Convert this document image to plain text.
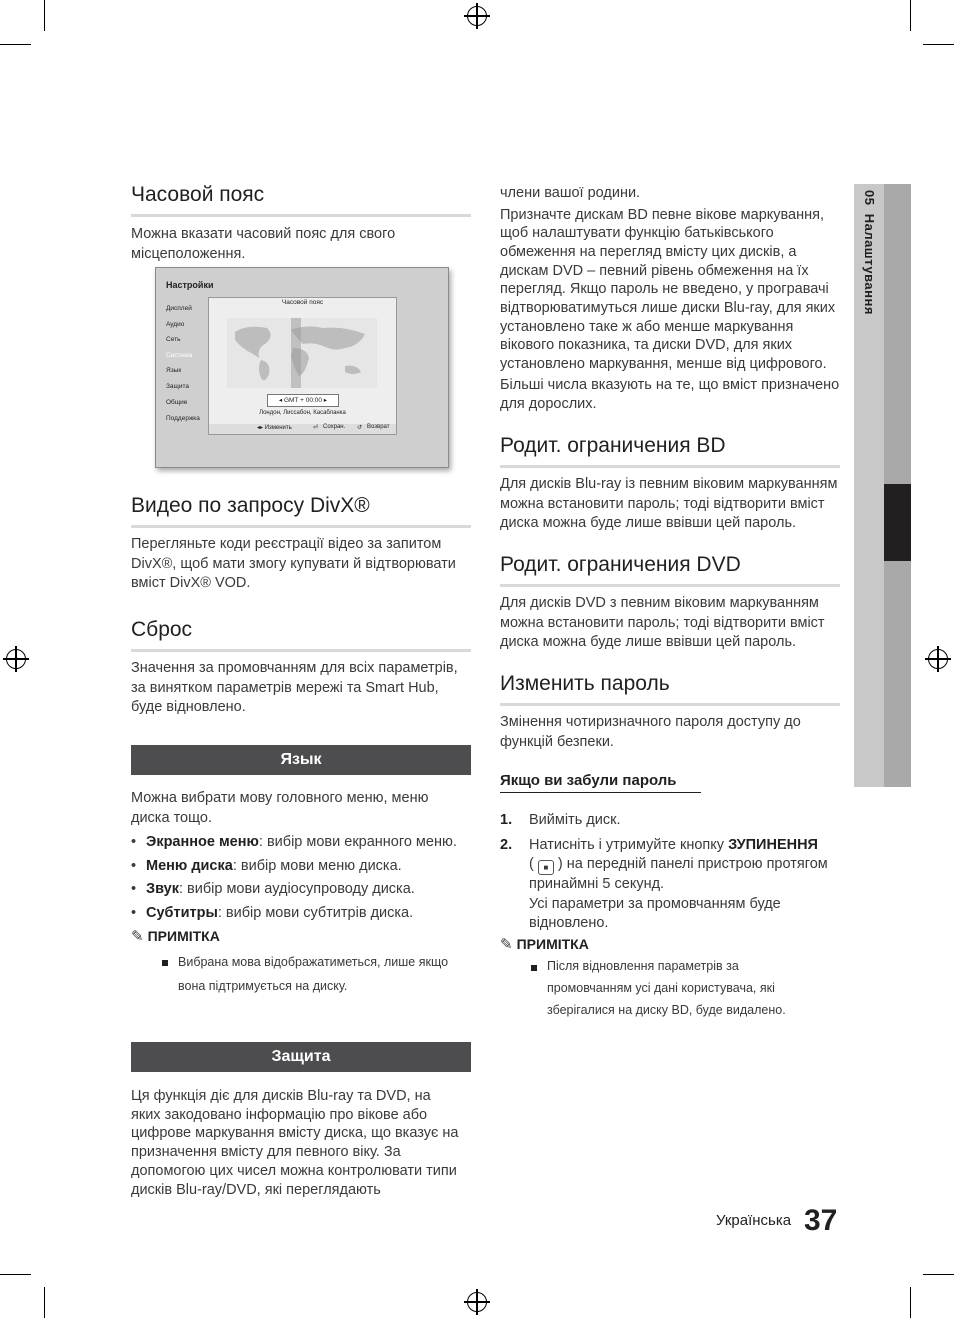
05  Налаштування
Часовой пояс

Можна вказати часовий пояс для свого місцеположення.

Настройки
Дисплей
Аудио
Сеть
Система
Язык
Защита
Общие
Поддержка
Часовой пояс
◂ GMT + 00:00 ▸
Лондон, Лиссабон, Касабланка
◂▸ Изменить	⏎ Сохран. ↺ Возврат
Видео по запросу DivX®

Перегляньте коди реєстрації відео за запитом DivX®, щоб мати змогу купувати й відтворювати вміст DivX® VOD.

Сброс

Значення за промовчанням для всіх параметрів, за винятком параметрів мережі та Smart Hub, буде відновлено.

Язык

Можна вибрати мову головного меню, меню диска тощо.

• Экранное меню: вибір мови екранного меню.
• Меню диска: вибір мови меню диска.
• Звук: вибір мови аудіосупроводу диска.
• Субтитры: вибір мови субтитрів диска.
✎ ПРИМІТКА
Вибрана мова відображатиметься, лише якщо вона підтримується на диску.
Защита

Ця функція діє для дисків Blu-ray та DVD, на яких закодовано інформацію про вікове або цифрове маркування вмісту диска, що вказує на призначення вмісту для певного віку. За допомогою цих чисел можна контролювати типи дисків Blu-ray/DVD, які переглядають

члени вашої родини.

Призначте дискам BD певне вікове маркування, щоб налаштувати функцію батьківського обмеження на перегляд вмісту цих дисків, а дискам DVD – певний рівень обмеження на їх перегляд. Якщо пароль не введено, у програвачі відтворюватимуться лише диски Blu-ray, для яких установлено таке ж або менше маркування вікового показника, та диски DVD, для яких установлено маркування, менше від цифрового.

Більші числа вказують на те, що вміст призначено для дорослих.

Родит. ограничения BD

Для дисків Blu-ray із певним віковим маркуванням можна встановити пароль; тоді відтворити вміст диска можна буде лише ввівши цей пароль.

Родит. ограничения DVD

Для дисків DVD з певним віковим маркуванням можна встановити пароль; тоді відтворити вміст диска можна буде лише ввівши цей пароль.

Изменить пароль

Змінення чотиризначного пароля доступу до функцій безпеки.

Якщо ви забули пароль
1. Вийміть диск.
2. Натисніть і утримуйте кнопку ЗУПИНЕННЯ
( ■ ) на передній панелі пристрою протягом принаймні 5 секунд.
Усі параметри за промовчанням буде відновлено.
✎ ПРИМІТКА
Після відновлення параметрів за промовчанням усі дані користувача, які зберігалися на диску BD, буде видалено.
Українська 37
